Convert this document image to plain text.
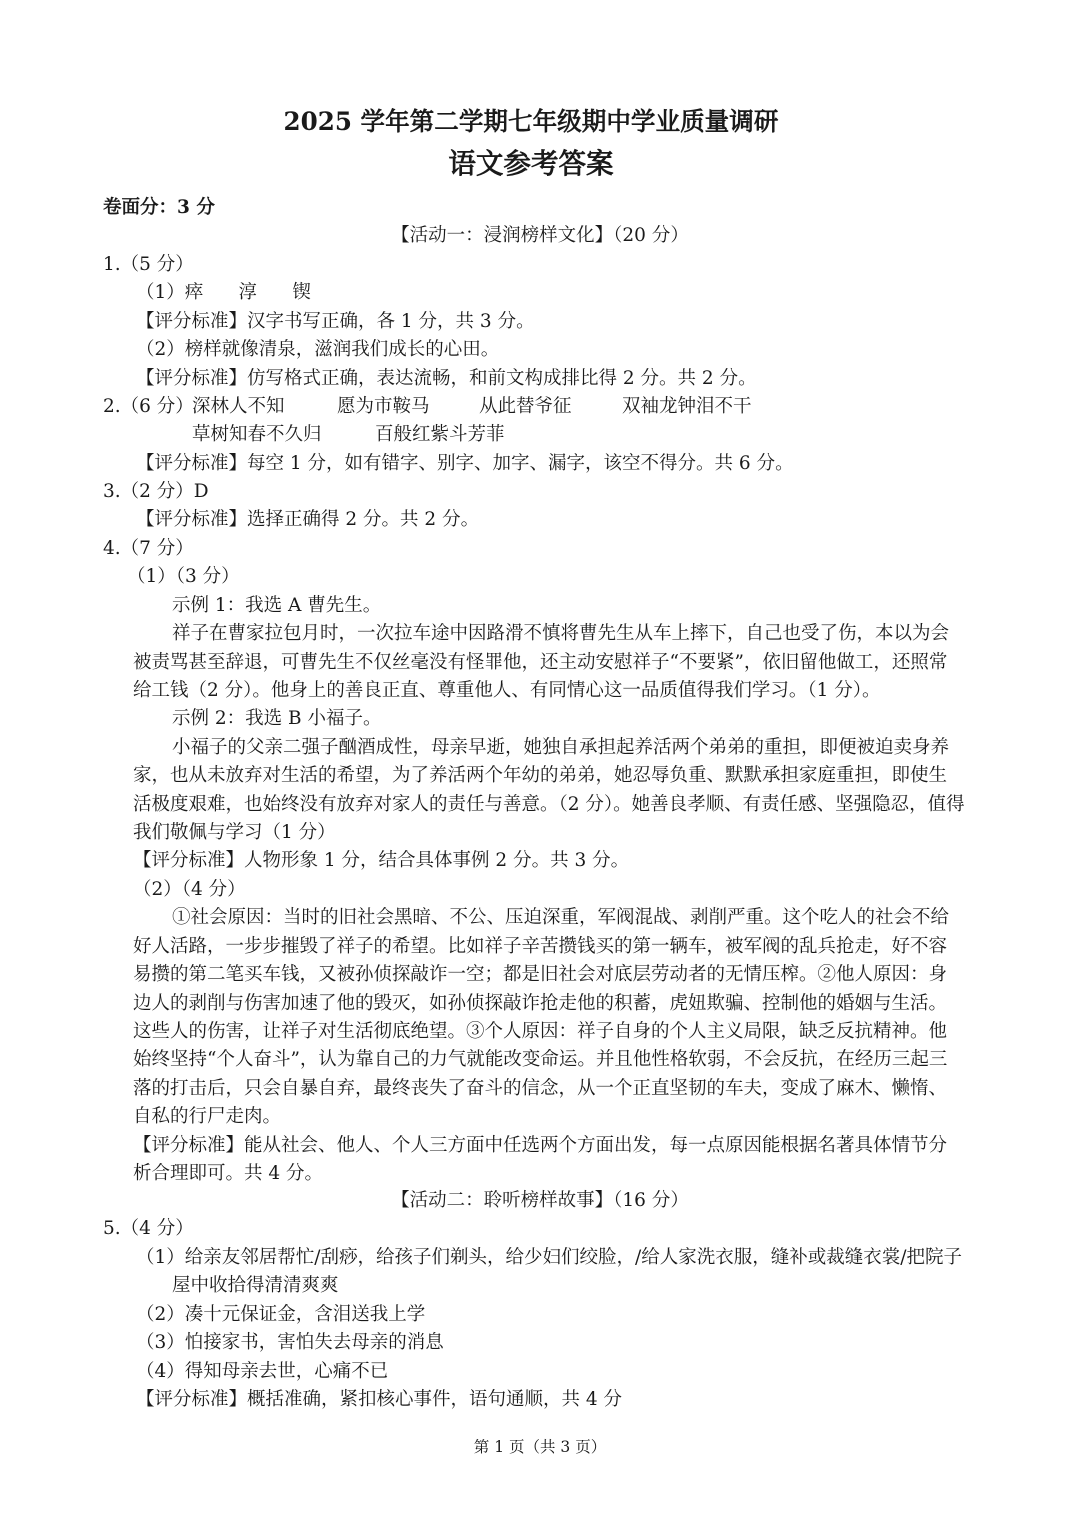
2025 学年第二学期七年级期中学业质量调研
语文参考答案
卷面分：3 分
【活动一：浸润榜样文化】（20 分）
1.（5 分）
（1）瘁      淳      锲
【评分标准】汉字书写正确，各 1 分，共 3 分。
（2）榜样就像清泉，滋润我们成长的心田。
【评分标准】仿写格式正确，表达流畅，和前文构成排比得 2 分。共 2 分。
2.（6 分）
深林人不知	愿为市鞍马	从此替爷征	双袖龙钟泪不干
草树知春不久归	百般红紫斗芳菲
【评分标准】每空 1 分，如有错字、别字、加字、漏字，该空不得分。共 6 分。
3.（2 分）D
【评分标准】选择正确得 2 分。共 2 分。
4.（7 分）
（1）（3 分）
示例 1：我选 A 曹先生。
祥子在曹家拉包月时，一次拉车途中因路滑不慎将曹先生从车上摔下，自己也受了伤，本以为会
被责骂甚至辞退，可曹先生不仅丝毫没有怪罪他，还主动安慰祥子“不要紧”，依旧留他做工，还照常
给工钱（2 分）。他身上的善良正直、尊重他人、有同情心这一品质值得我们学习。（1 分）。
示例 2：我选 B 小福子。
小福子的父亲二强子酗酒成性，母亲早逝，她独自承担起养活两个弟弟的重担，即便被迫卖身养
家，也从未放弃对生活的希望，为了养活两个年幼的弟弟，她忍辱负重、默默承担家庭重担，即使生
活极度艰难，也始终没有放弃对家人的责任与善意。（2 分）。她善良孝顺、有责任感、坚强隐忍，值得
我们敬佩与学习（1 分）
【评分标准】人物形象 1 分，结合具体事例 2 分。共 3 分。
（2）（4 分）
①社会原因：当时的旧社会黑暗、不公、压迫深重，军阀混战、剥削严重。这个吃人的社会不给
好人活路，一步步摧毁了祥子的希望。比如祥子辛苦攒钱买的第一辆车，被军阀的乱兵抢走，好不容
易攒的第二笔买车钱，又被孙侦探敲诈一空；都是旧社会对底层劳动者的无情压榨。②他人原因：身
边人的剥削与伤害加速了他的毁灭，如孙侦探敲诈抢走他的积蓄，虎妞欺骗、控制他的婚姻与生活。
这些人的伤害，让祥子对生活彻底绝望。③个人原因：祥子自身的个人主义局限，缺乏反抗精神。他
始终坚持“个人奋斗”，认为靠自己的力气就能改变命运。并且他性格软弱，不会反抗，在经历三起三
落的打击后，只会自暴自弃，最终丧失了奋斗的信念，从一个正直坚韧的车夫，变成了麻木、懒惰、
自私的行尸走肉。
【评分标准】能从社会、他人、个人三方面中任选两个方面出发，每一点原因能根据名著具体情节分
析合理即可。共 4 分。
【活动二：聆听榜样故事】（16 分）
5.（4 分）
（1）给亲友邻居帮忙/刮痧，给孩子们剃头，给少妇们绞脸，/给人家洗衣服，缝补或裁缝衣裳/把院子
屋中收拾得清清爽爽
（2）凑十元保证金，含泪送我上学
（3）怕接家书，害怕失去母亲的消息
（4）得知母亲去世，心痛不已
【评分标准】概括准确，紧扣核心事件，语句通顺，共 4 分
第 1 页（共 3 页）
